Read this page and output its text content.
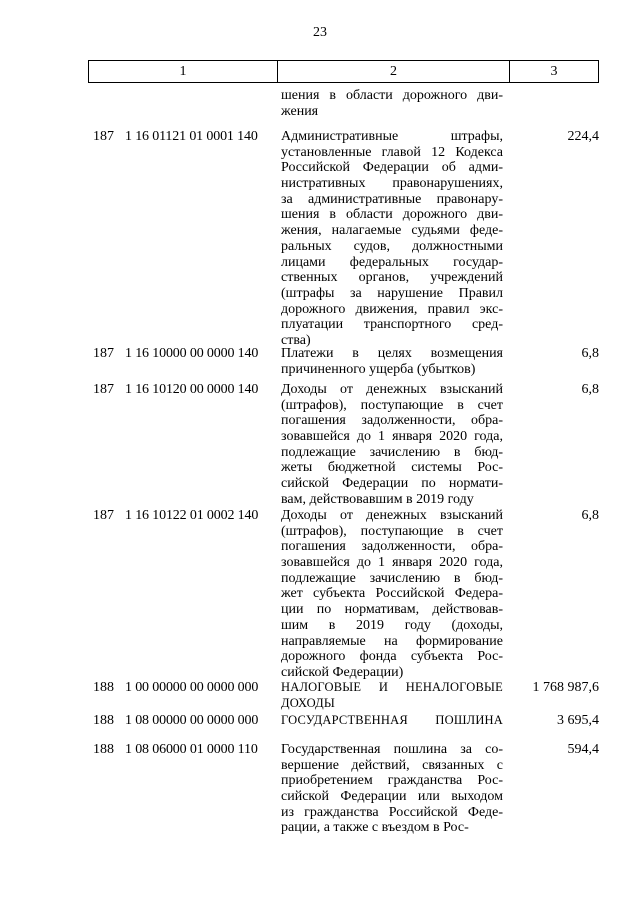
23
1	2	3
шения в области дорожного дви-
жения
187 1 16 01121 01 0001 140	Административные штрафы,
установленные главой 12 Кодекса
Российской Федерации об адми-
нистративных правонарушениях,
за административные правонару-
шения в области дорожного дви-
жения, налагаемые судьями феде-
ральных судов, должностными
лицами федеральных государ-
ственных органов, учреждений
(штрафы за нарушение Правил
дорожного движения, правил экс-
плуатации транспортного сред-
ства)
224,4
187 1 16 10000 00 0000 140	Платежи в целях возмещения
причиненного ущерба (убытков)
6,8
187 1 16 10120 00 0000 140	Доходы от денежных взысканий
(штрафов), поступающие в счет
погашения задолженности, обра-
зовавшейся до 1 января 2020 года,
подлежащие зачислению в бюд-
жеты бюджетной системы Рос-
сийской Федерации по нормати-
вам, действовавшим в 2019 году
6,8
187 1 16 10122 01 0002 140	Доходы от денежных взысканий
(штрафов), поступающие в счет
погашения задолженности, обра-
зовавшейся до 1 января 2020 года,
подлежащие зачислению в бюд-
жет субъекта Российской Федера-
ции по нормативам, действовав-
шим в 2019 году (доходы,
направляемые на формирование
дорожного фонда субъекта Рос-
сийской Федерации)
6,8
188 1 00 00000 00 0000 000	НАЛОГОВЫЕ И НЕНАЛОГОВЫЕ
ДОХОДЫ
1 768 987,6
188 1 08 00000 00 0000 000	ГОСУДАРСТВЕННАЯ ПОШЛИНА	3 695,4
188 1 08 06000 01 0000 110	Государственная пошлина за со-
вершение действий, связанных с
приобретением гражданства Рос-
сийской Федерации или выходом
из гражданства Российской Феде-
рации, а также с въездом в Рос-
594,4
